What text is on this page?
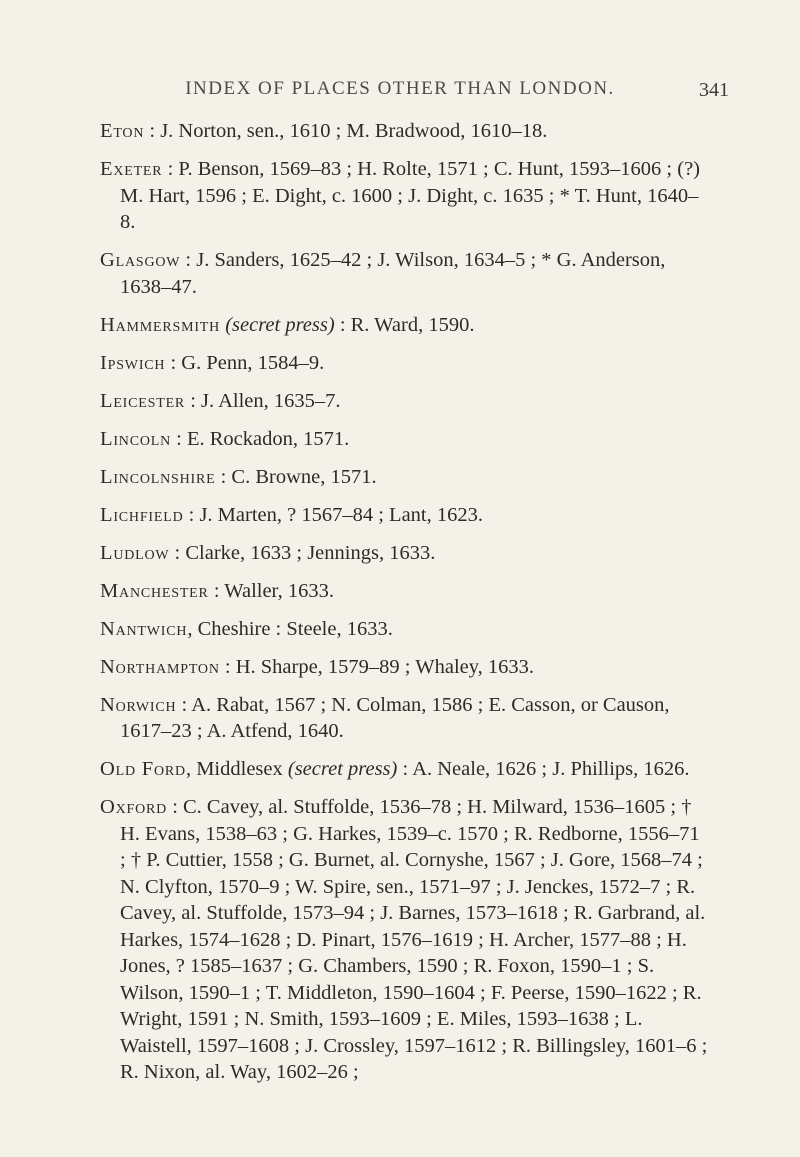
INDEX OF PLACES OTHER THAN LONDON.	341

Eton : J. Norton, sen., 1610 ; M. Bradwood, 1610–18.

Exeter : P. Benson, 1569–83 ; H. Rolte, 1571 ; C. Hunt, 1593–1606 ; (?) M. Hart, 1596 ; E. Dight, c. 1600 ; J. Dight, c. 1635 ; * T. Hunt, 1640–8.

Glasgow : J. Sanders, 1625–42 ; J. Wilson, 1634–5 ; * G. Anderson, 1638–47.

Hammersmith (secret press) : R. Ward, 1590.

Ipswich : G. Penn, 1584–9.

Leicester : J. Allen, 1635–7.

Lincoln : E. Rockadon, 1571.

Lincolnshire : C. Browne, 1571.

Lichfield : J. Marten, ? 1567–84 ; Lant, 1623.

Ludlow : Clarke, 1633 ; Jennings, 1633.

Manchester : Waller, 1633.

Nantwich, Cheshire : Steele, 1633.

Northampton : H. Sharpe, 1579–89 ; Whaley, 1633.

Norwich : A. Rabat, 1567 ; N. Colman, 1586 ; E. Casson, or Causon, 1617–23 ; A. Atfend, 1640.

Old Ford, Middlesex (secret press) : A. Neale, 1626 ; J. Phillips, 1626.

Oxford : C. Cavey, al. Stuffolde, 1536–78 ; H. Milward, 1536–1605 ; † H. Evans, 1538–63 ; G. Harkes, 1539–c. 1570 ; R. Redborne, 1556–71 ; † P. Cuttier, 1558 ; G. Burnet, al. Cornyshe, 1567 ; J. Gore, 1568–74 ; N. Clyfton, 1570–9 ; W. Spire, sen., 1571–97 ; J. Jenckes, 1572–7 ; R. Cavey, al. Stuffolde, 1573–94 ; J. Barnes, 1573–1618 ; R. Garbrand, al. Harkes, 1574–1628 ; D. Pinart, 1576–1619 ; H. Archer, 1577–88 ; H. Jones, ? 1585–1637 ; G. Chambers, 1590 ; R. Foxon, 1590–1 ; S. Wilson, 1590–1 ; T. Middleton, 1590–1604 ; F. Peerse, 1590–1622 ; R. Wright, 1591 ; N. Smith, 1593–1609 ; E. Miles, 1593–1638 ; L. Waistell, 1597–1608 ; J. Crossley, 1597–1612 ; R. Billingsley, 1601–6 ; R. Nixon, al. Way, 1602–26 ;
